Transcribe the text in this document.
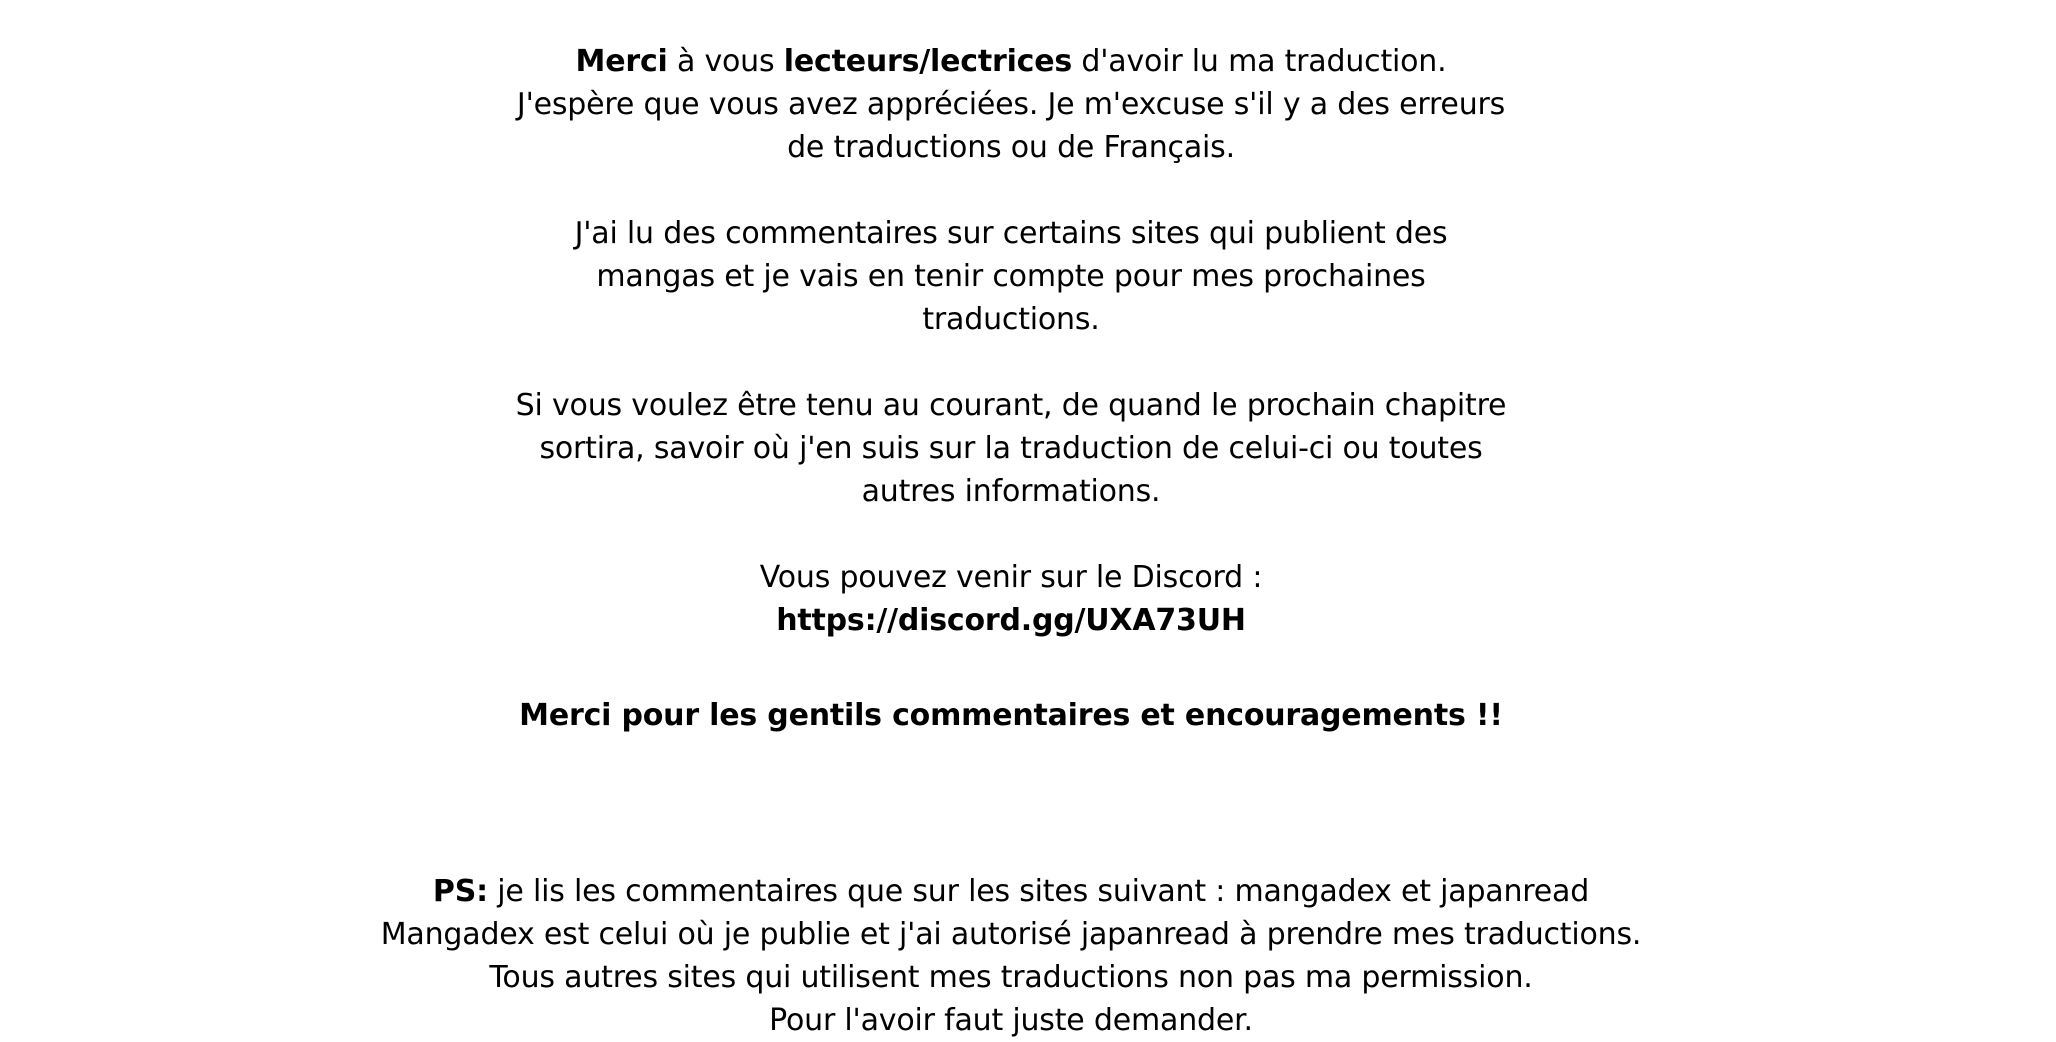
Merci à vous lecteurs/lectrices d'avoir lu ma traduction.
J'espère que vous avez appréciées. Je m'excuse s'il y a des erreurs
de traductions ou de Français.
J'ai lu des commentaires sur certains sites qui publient des
mangas et je vais en tenir compte pour mes prochaines
traductions.
Si vous voulez être tenu au courant, de quand le prochain chapitre
sortira, savoir où j'en suis sur la traduction de celui-ci ou toutes
autres informations.
Vous pouvez venir sur le Discord :
https://discord.gg/UXA73UH
Merci pour les gentils commentaires et encouragements !!
PS: je lis les commentaires que sur les sites suivant : mangadex et japanread
Mangadex est celui où je publie et j'ai autorisé japanread à prendre mes traductions.
Tous autres sites qui utilisent mes traductions non pas ma permission.
Pour l'avoir faut juste demander.
